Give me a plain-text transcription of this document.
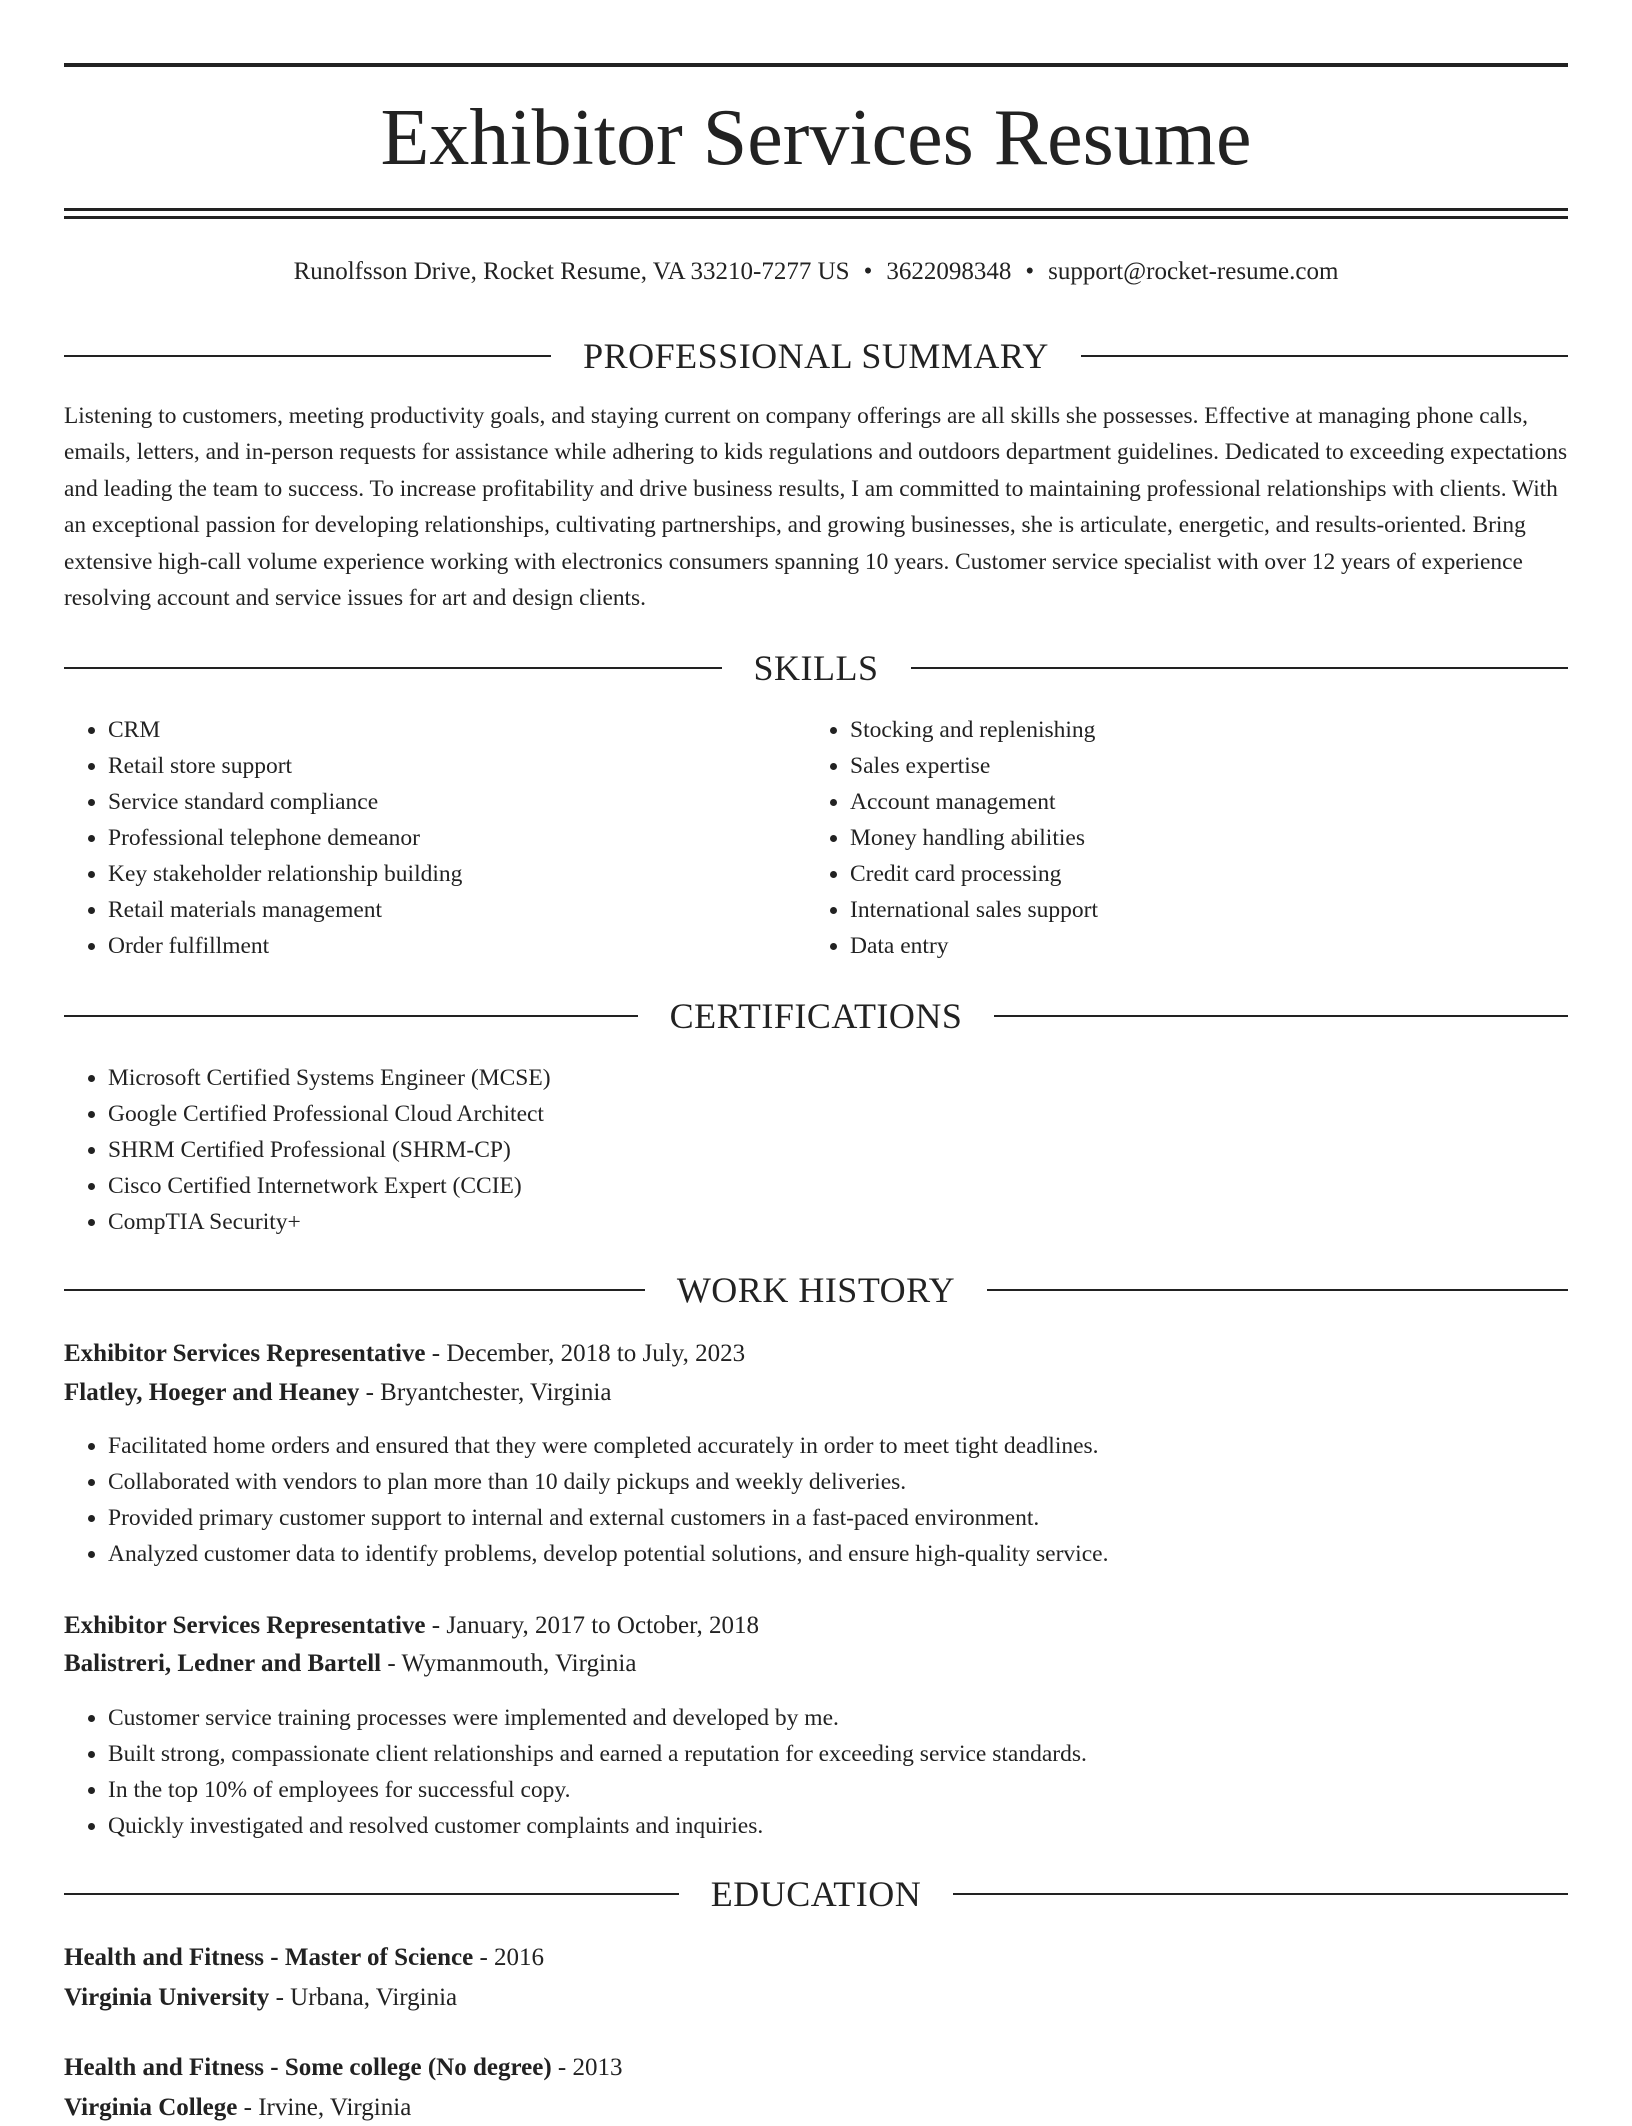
Exhibitor Services Resume
Runolfsson Drive, Rocket Resume, VA 33210-7277 US • 3622098348 • support@rocket-resume.com
PROFESSIONAL SUMMARY

Listening to customers, meeting productivity goals, and staying current on company offerings are all skills she possesses. Effective at managing phone calls, emails, letters, and in-person requests for assistance while adhering to kids regulations and outdoors department guidelines. Dedicated to exceeding expectations and leading the team to success. To increase profitability and drive business results, I am committed to maintaining professional relationships with clients. With an exceptional passion for developing relationships, cultivating partnerships, and growing businesses, she is articulate, energetic, and results-oriented. Bring extensive high-call volume experience working with electronics consumers spanning 10 years. Customer service specialist with over 12 years of experience resolving account and service issues for art and design clients.

SKILLS
• CRM
• Retail store support
• Service standard compliance
• Professional telephone demeanor
• Key stakeholder relationship building
• Retail materials management
• Order fulfillment
• Stocking and replenishing
• Sales expertise
• Account management
• Money handling abilities
• Credit card processing
• International sales support
• Data entry
CERTIFICATIONS
• Microsoft Certified Systems Engineer (MCSE)
• Google Certified Professional Cloud Architect
• SHRM Certified Professional (SHRM-CP)
• Cisco Certified Internetwork Expert (CCIE)
• CompTIA Security+
WORK HISTORY
Exhibitor Services Representative - December, 2018 to July, 2023
Flatley, Hoeger and Heaney - Bryantchester, Virginia
• Facilitated home orders and ensured that they were completed accurately in order to meet tight deadlines.
• Collaborated with vendors to plan more than 10 daily pickups and weekly deliveries.
• Provided primary customer support to internal and external customers in a fast-paced environment.
• Analyzed customer data to identify problems, develop potential solutions, and ensure high-quality service.
Exhibitor Services Representative - January, 2017 to October, 2018
Balistreri, Ledner and Bartell - Wymanmouth, Virginia
• Customer service training processes were implemented and developed by me.
• Built strong, compassionate client relationships and earned a reputation for exceeding service standards.
• In the top 10% of employees for successful copy.
• Quickly investigated and resolved customer complaints and inquiries.
EDUCATION
Health and Fitness - Master of Science - 2016
Virginia University - Urbana, Virginia
Health and Fitness - Some college (No degree) - 2013
Virginia College - Irvine, Virginia
